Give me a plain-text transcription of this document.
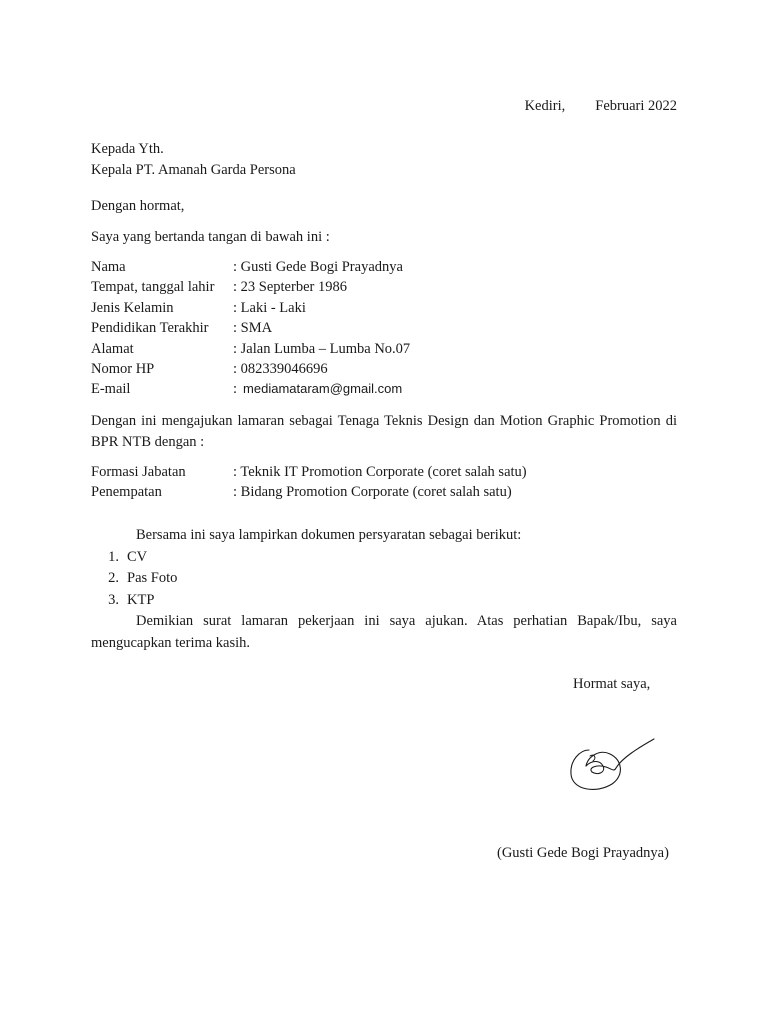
Kediri, Februari 2022
Kepada Yth.
Kepala PT. Amanah Garda Persona
Dengan hormat,
Saya yang bertanda tangan di bawah ini :
Nama	: Gusti Gede Bogi Prayadnya
Tempat, tanggal lahir	: 23 Septerber 1986
Jenis Kelamin	: Laki - Laki
Pendidikan Terakhir	: SMA
Alamat	: Jalan Lumba – Lumba No.07
Nomor HP	: 082339046696
E-mail	: mediamataram@gmail.com
Dengan ini mengajukan lamaran sebagai Tenaga Teknis Design dan Motion Graphic Promotion di BPR NTB dengan :
Formasi Jabatan	: Teknik IT Promotion Corporate (coret salah satu)
Penempatan	: Bidang Promotion Corporate (coret salah satu)
Bersama ini saya lampirkan dokumen persyaratan sebagai berikut:
1. CV
2. Pas Foto
3. KTP
Demikian surat lamaran pekerjaan ini saya ajukan. Atas perhatian Bapak/Ibu, saya mengucapkan terima kasih.
Hormat saya,
(Gusti Gede Bogi Prayadnya)
